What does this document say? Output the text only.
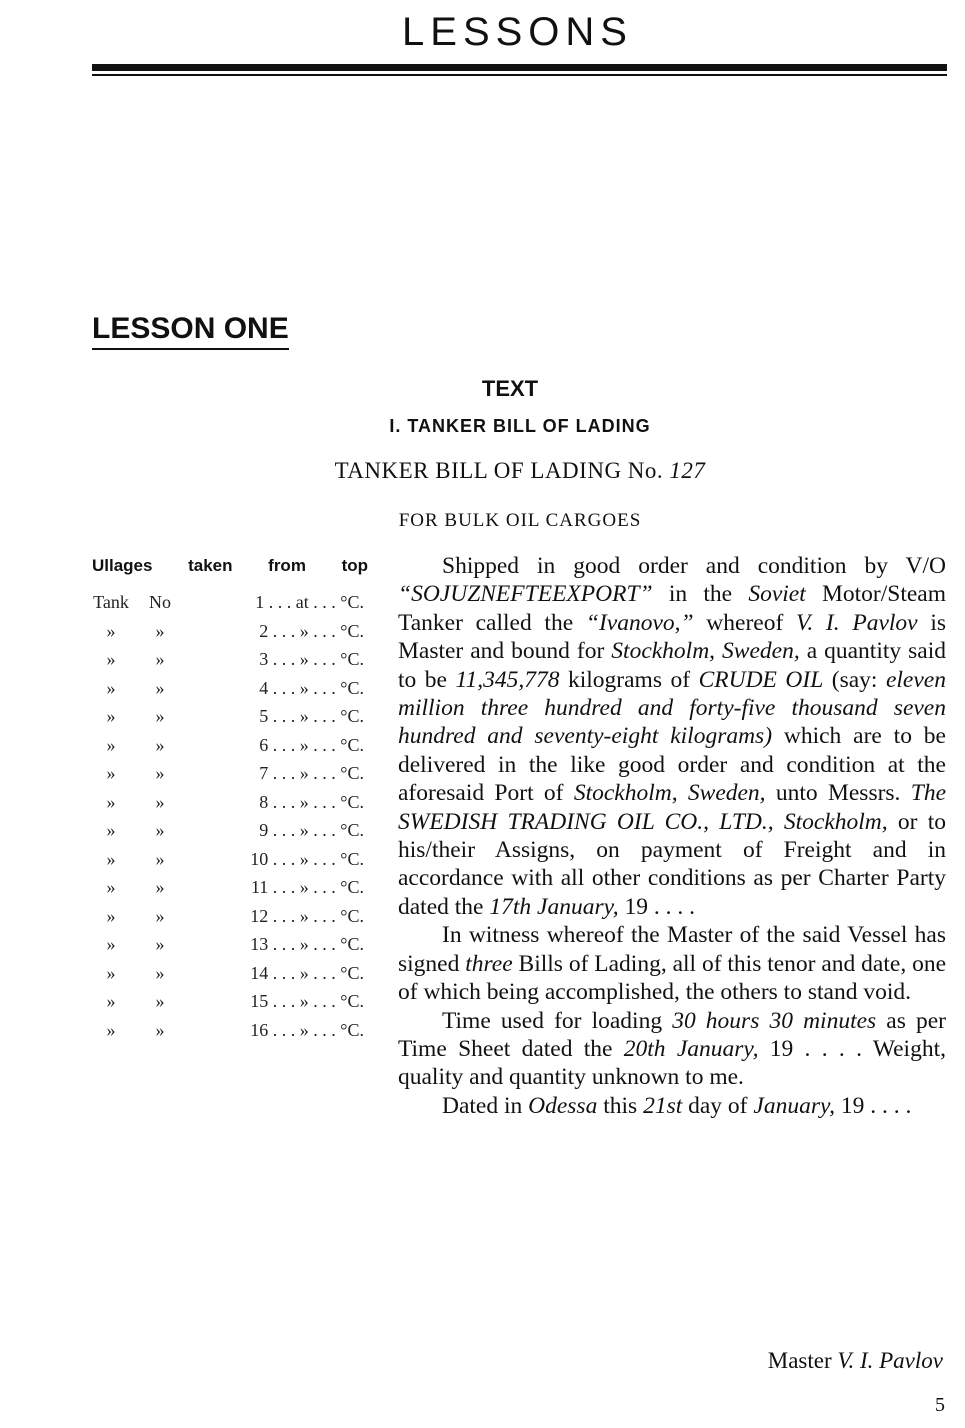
LESSONS
LESSON ONE
TEXT
I. TANKER BILL OF LADING
TANKER BILL OF LADING No. 127
FOR BULK OIL CARGOES
Ullages taken from top
Tank	No	1 . . . at . . . °C.
»	»	2 . . . » . . . °C.
»	»	3 . . . » . . . °C.
»	»	4 . . . » . . . °C.
»	»	5 . . . » . . . °C.
»	»	6 . . . » . . . °C.
»	»	7 . . . » . . . °C.
»	»	8 . . . » . . . °C.
»	»	9 . . . » . . . °C.
»	»	10 . . . » . . . °C.
»	»	11 . . . » . . . °C.
»	»	12 . . . » . . . °C.
»	»	13 . . . » . . . °C.
»	»	14 . . . » . . . °C.
»	»	15 . . . » . . . °C.
»	»	16 . . . » . . . °C.

Shipped in good order and condition by V/O “SOJUZNEFTEEXPORT” in the Soviet Motor/Steam Tanker called the “Ivanovo,” whereof V. I. Pavlov is Master and bound for Stockholm, Sweden, a quantity said to be 11,345,778 kilograms of CRUDE OIL (say: eleven million three hundred and forty-five thousand seven hundred and seventy-eight kilograms) which are to be delivered in the like good order and condition at the aforesaid Port of Stockholm, Sweden, unto Messrs. The SWEDISH TRADING OIL CO., LTD., Stockholm, or to his/their Assigns, on payment of Freight and in accordance with all other conditions as per Charter Party dated the 17th January, 19 . . . .

In witness whereof the Master of the said Vessel has signed three Bills of Lading, all of this tenor and date, one of which being accomplished, the others to stand void.

Time used for loading 30 hours 30 minutes as per Time Sheet dated the 20th January, 19 . . . . Weight, quality and quantity unknown to me.

Dated in Odessa this 21st day of January, 19 . . . .

Master V. I. Pavlov
5
